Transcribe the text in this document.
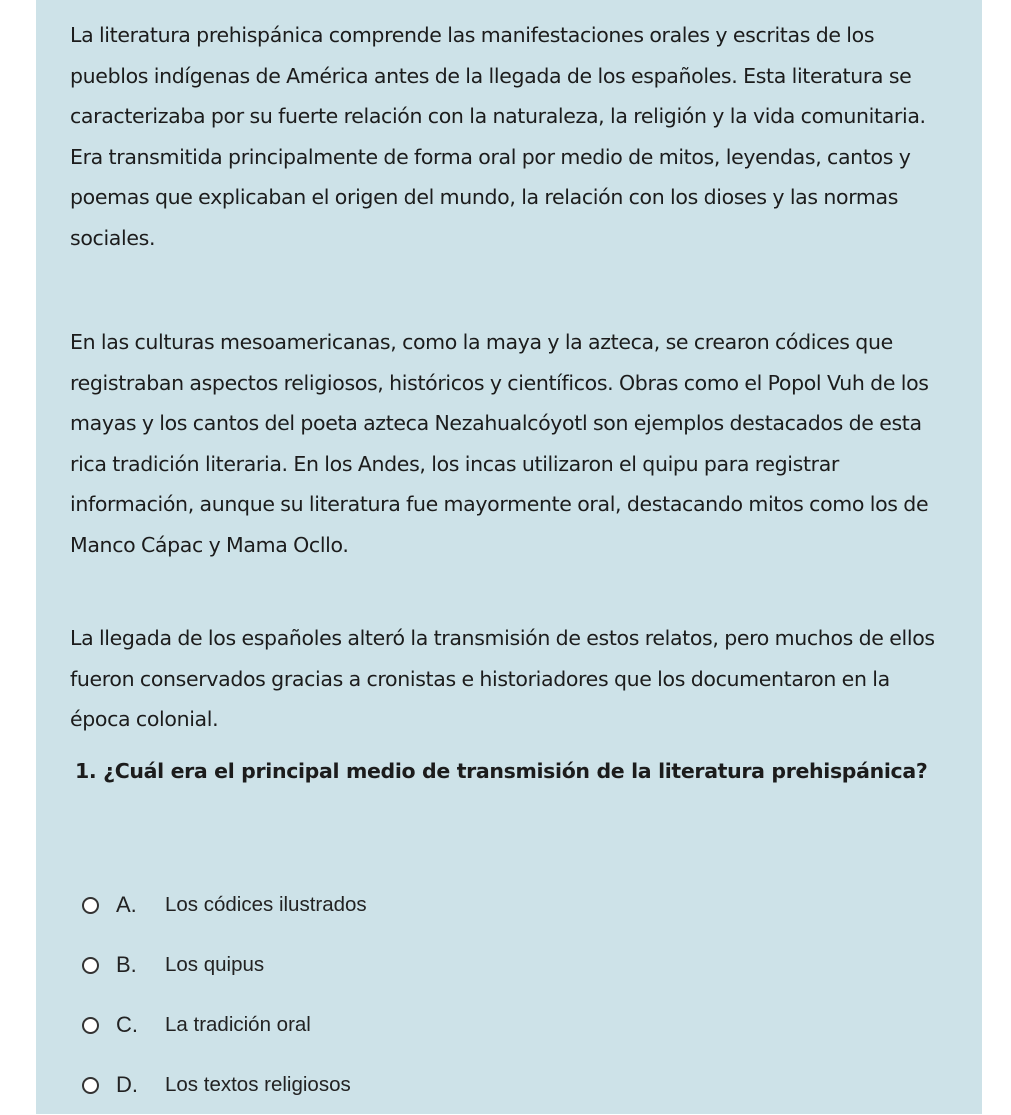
La literatura prehispánica comprende las manifestaciones orales y escritas de los pueblos indígenas de América antes de la llegada de los españoles. Esta literatura se caracterizaba por su fuerte relación con la naturaleza, la religión y la vida comunitaria. Era transmitida principalmente de forma oral por medio de mitos, leyendas, cantos y poemas que explicaban el origen del mundo, la relación con los dioses y las normas sociales.

En las culturas mesoamericanas, como la maya y la azteca, se crearon códices que registraban aspectos religiosos, históricos y científicos. Obras como el Popol Vuh de los mayas y los cantos del poeta azteca Nezahualcóyotl son ejemplos destacados de esta rica tradición literaria. En los Andes, los incas utilizaron el quipu para registrar información, aunque su literatura fue mayormente oral, destacando mitos como los de Manco Cápac y Mama Ocllo.

La llegada de los españoles alteró la transmisión de estos relatos, pero muchos de ellos fueron conservados gracias a cronistas e historiadores que los documentaron en la época colonial.

1. ¿Cuál era el principal medio de transmisión de la literatura prehispánica?

A.	Los códices ilustrados
B.	Los quipus
C.	La tradición oral
D.	Los textos religiosos
